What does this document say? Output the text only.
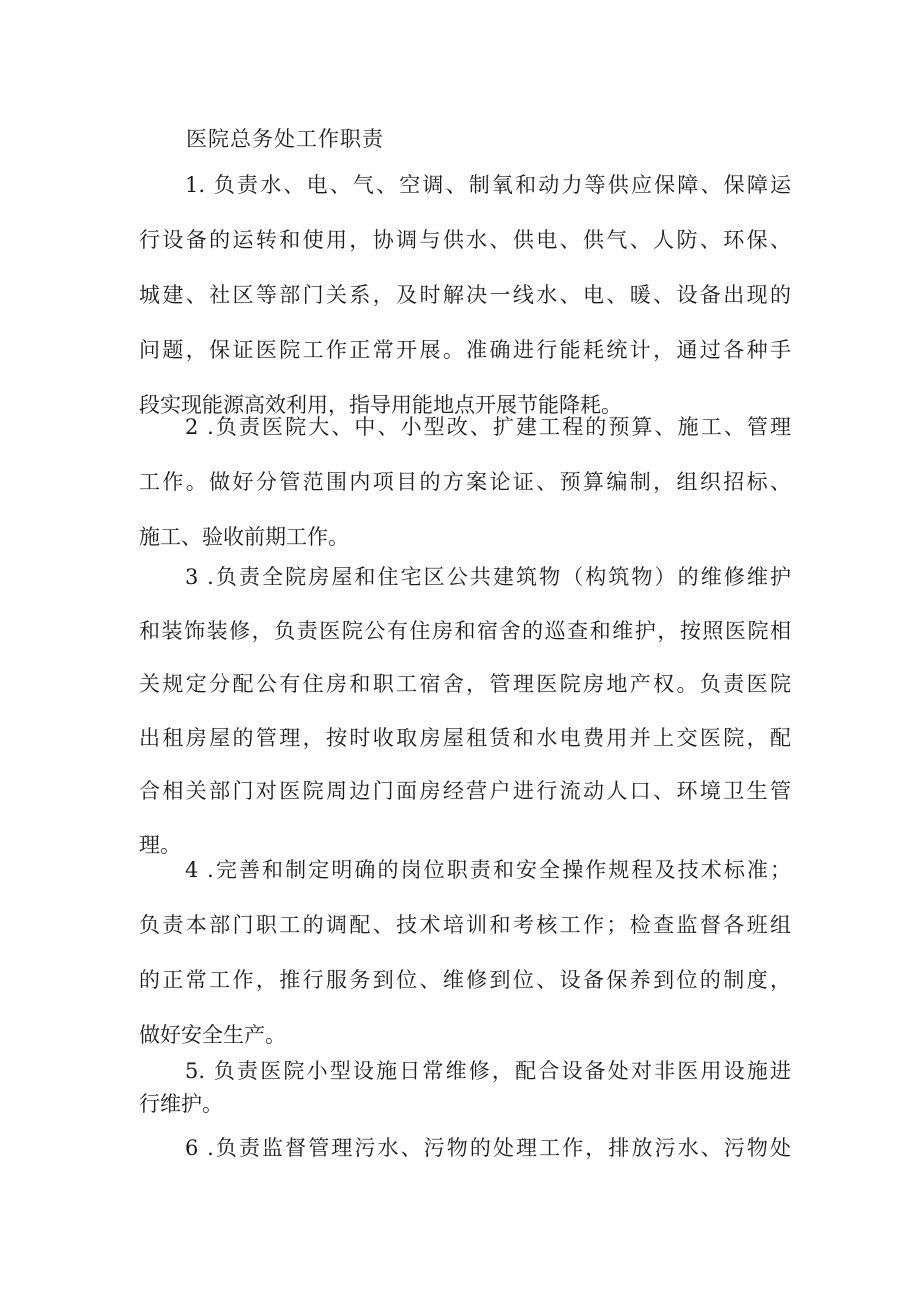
医院总务处工作职责
1. 负责水、电、气、空调、制氧和动力等供应保障、保障运
行设备的运转和使用，协调与供水、供电、供气、人防、环保、
城建、社区等部门关系，及时解决一线水、电、暖、设备出现的
问题，保证医院工作正常开展。准确进行能耗统计，通过各种手
段实现能源高效利用，指导用能地点开展节能降耗。
2 .负责医院大、中、小型改、扩建工程的预算、施工、管理
工作。做好分管范围内项目的方案论证、预算编制，组织招标、
施工、验收前期工作。
3 .负责全院房屋和住宅区公共建筑物（构筑物）的维修维护
和装饰装修，负责医院公有住房和宿舍的巡查和维护，按照医院相
关规定分配公有住房和职工宿舍，管理医院房地产权。负责医院
出租房屋的管理，按时收取房屋租赁和水电费用并上交医院，配
合相关部门对医院周边门面房经营户进行流动人口、环境卫生管
理。
4 .完善和制定明确的岗位职责和安全操作规程及技术标准；
负责本部门职工的调配、技术培训和考核工作；检查监督各班组
的正常工作，推行服务到位、维修到位、设备保养到位的制度，
做好安全生产。
5. 负责医院小型设施日常维修，配合设备处对非医用设施进
行维护。
6 .负责监督管理污水、污物的处理工作，排放污水、污物处
